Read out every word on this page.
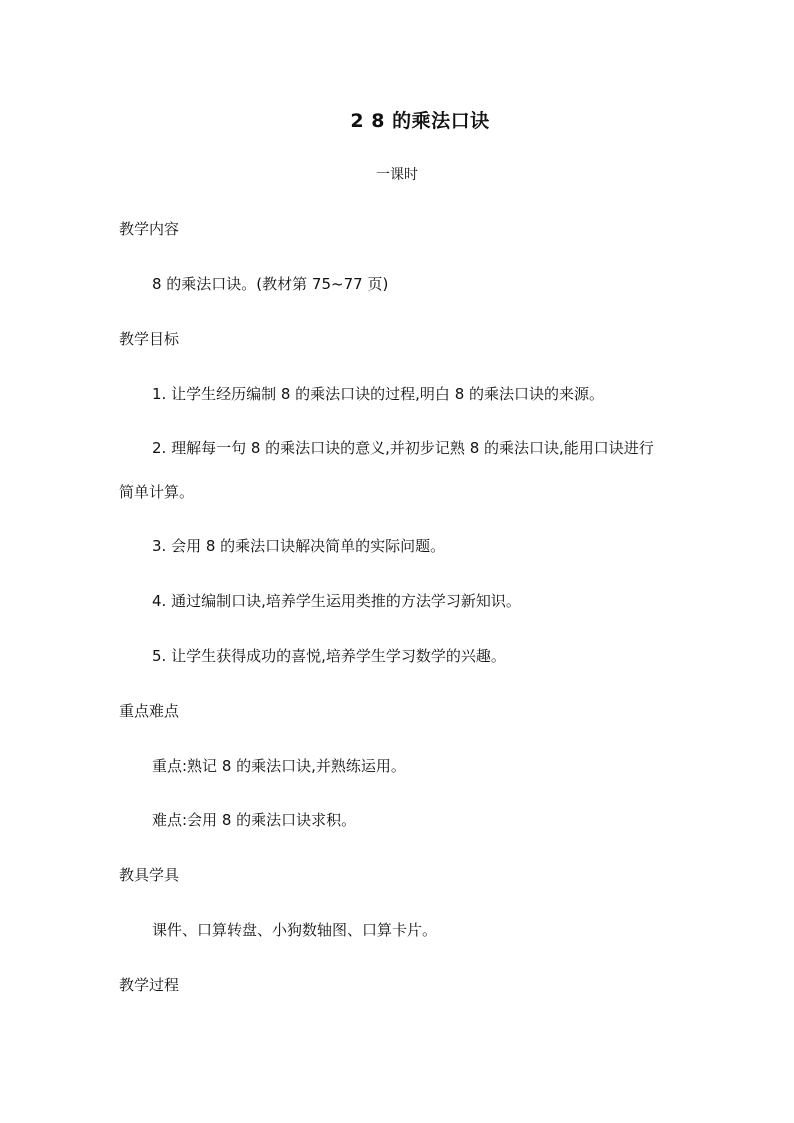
2 8 的乘法口诀
一课时
教学内容
8 的乘法口诀。(教材第 75~77 页)
教学目标
1. 让学生经历编制 8 的乘法口诀的过程,明白 8 的乘法口诀的来源。
2. 理解每一句 8 的乘法口诀的意义,并初步记熟 8 的乘法口诀,能用口诀进行
简单计算。
3. 会用 8 的乘法口诀解决简单的实际问题。
4. 通过编制口诀,培养学生运用类推的方法学习新知识。
5. 让学生获得成功的喜悦,培养学生学习数学的兴趣。
重点难点
重点:熟记 8 的乘法口诀,并熟练运用。
难点:会用 8 的乘法口诀求积。
教具学具
课件、口算转盘、小狗数轴图、口算卡片。
教学过程
